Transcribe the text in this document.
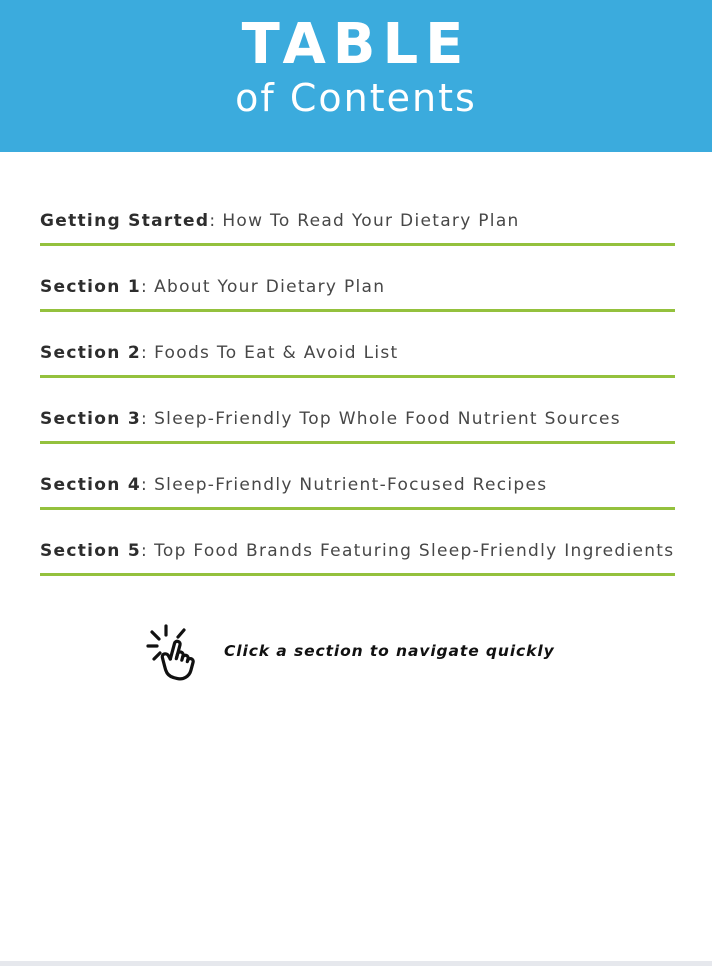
TABLE
of Contents
Getting Started: How To Read Your Dietary Plan
Section 1: About Your Dietary Plan
Section 2: Foods To Eat & Avoid List
Section 3: Sleep-Friendly Top Whole Food Nutrient Sources
Section 4: Sleep-Friendly Nutrient-Focused Recipes
Section 5: Top Food Brands Featuring Sleep-Friendly Ingredients
Click a section to navigate quickly
